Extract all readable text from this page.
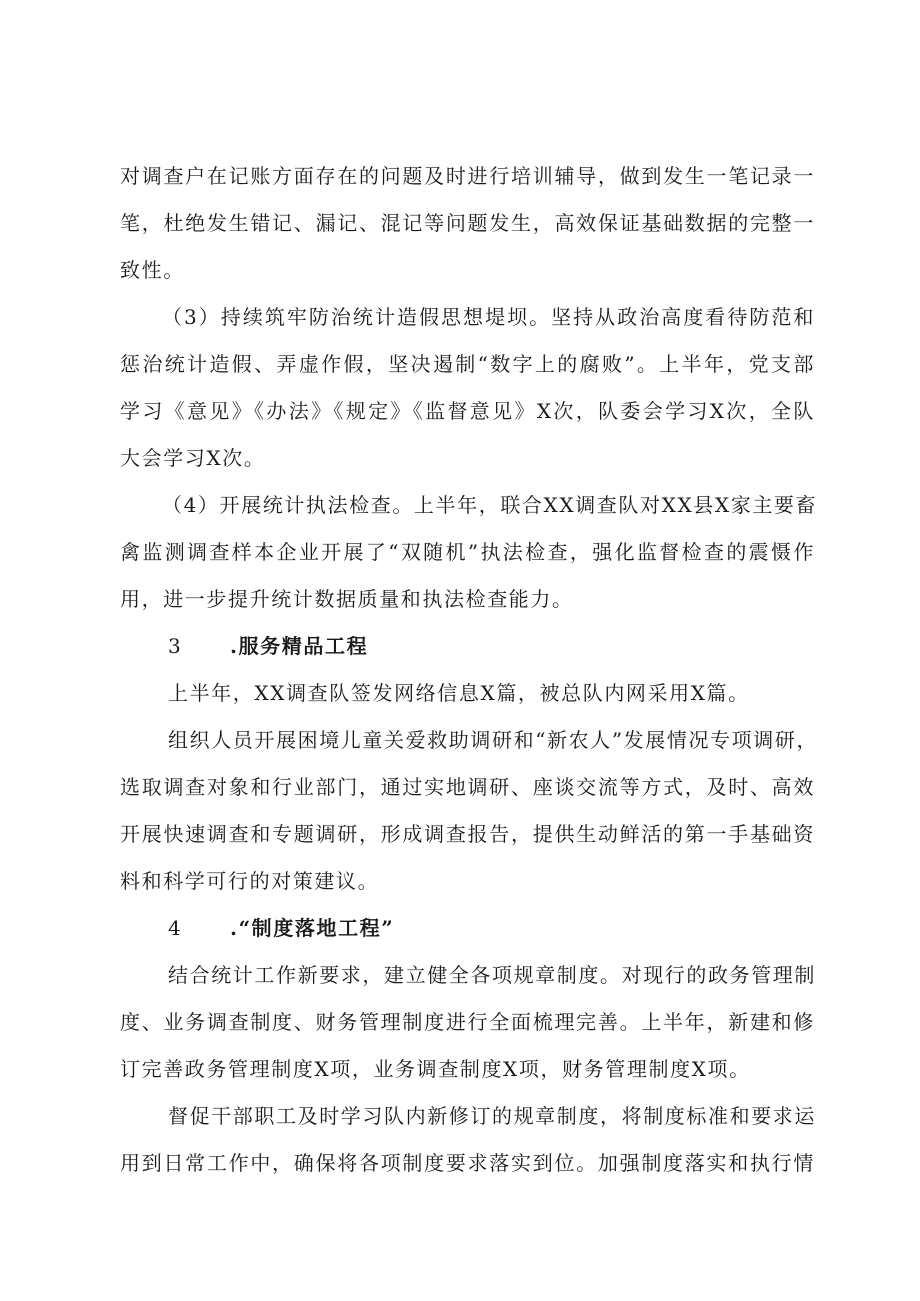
对调查户在记账方面存在的问题及时进行培训辅导，做到发生一笔记录一
笔，杜绝发生错记、漏记、混记等问题发生，高效保证基础数据的完整一
致性。
（3）持续筑牢防治统计造假思想堤坝。坚持从政治高度看待防范和
惩治统计造假、弄虚作假，坚决遏制“数字上的腐败”。上半年，党支部
学习《意见》《办法》《规定》《监督意见》X次，队委会学习X次，全队
大会学习X次。
（4）开展统计执法检查。上半年，联合XX调查队对XX县X家主要畜
禽监测调查样本企业开展了“双随机”执法检查，强化监督检查的震慑作
用，进一步提升统计数据质量和执法检查能力。
3 .服务精品工程
上半年，XX调查队签发网络信息X篇，被总队内网采用X篇。
组织人员开展困境儿童关爱救助调研和“新农人”发展情况专项调研，
选取调查对象和行业部门，通过实地调研、座谈交流等方式，及时、高效
开展快速调查和专题调研，形成调查报告，提供生动鲜活的第一手基础资
料和科学可行的对策建议。
4 .“制度落地工程”
结合统计工作新要求，建立健全各项规章制度。对现行的政务管理制
度、业务调查制度、财务管理制度进行全面梳理完善。上半年，新建和修
订完善政务管理制度X项，业务调查制度X项，财务管理制度X项。
督促干部职工及时学习队内新修订的规章制度，将制度标准和要求运
用到日常工作中，确保将各项制度要求落实到位。加强制度落实和执行情
